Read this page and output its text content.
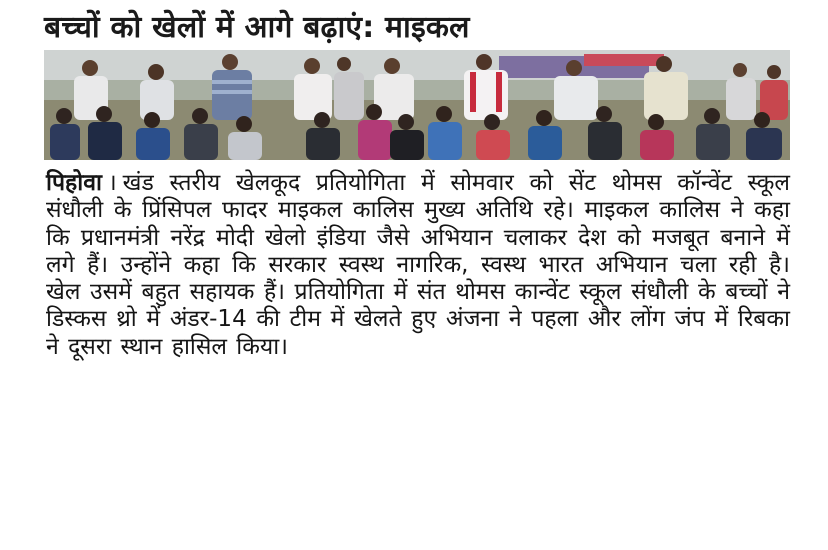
बच्चों को खेलों में आगे बढ़ाएं: माइकल
पिहोवा । खंड स्तरीय खेलकूद प्रतियोगिता में सोमवार को सेंट थोमस कॉन्वेंट स्कूल संधौली के प्रिंसिपल फादर माइकल कालिस मुख्य अतिथि रहे। माइकल कालिस ने कहा कि प्रधानमंत्री नरेंद्र मोदी खेलो इंडिया जैसे अभियान चलाकर देश को मजबूत बनाने में लगे हैं। उन्होंने कहा कि सरकार स्वस्थ नागरिक, स्वस्थ भारत अभियान चला रही है। खेल उसमें बहुत सहायक हैं। प्रतियोगिता में संत थोमस कान्वेंट स्कूल संधौली के बच्चों ने डिस्कस थ्रो में अंडर-14 की टीम में खेलते हुए अंजना ने पहला और लोंग जंप में रिबका ने दूसरा स्थान हासिल किया।
